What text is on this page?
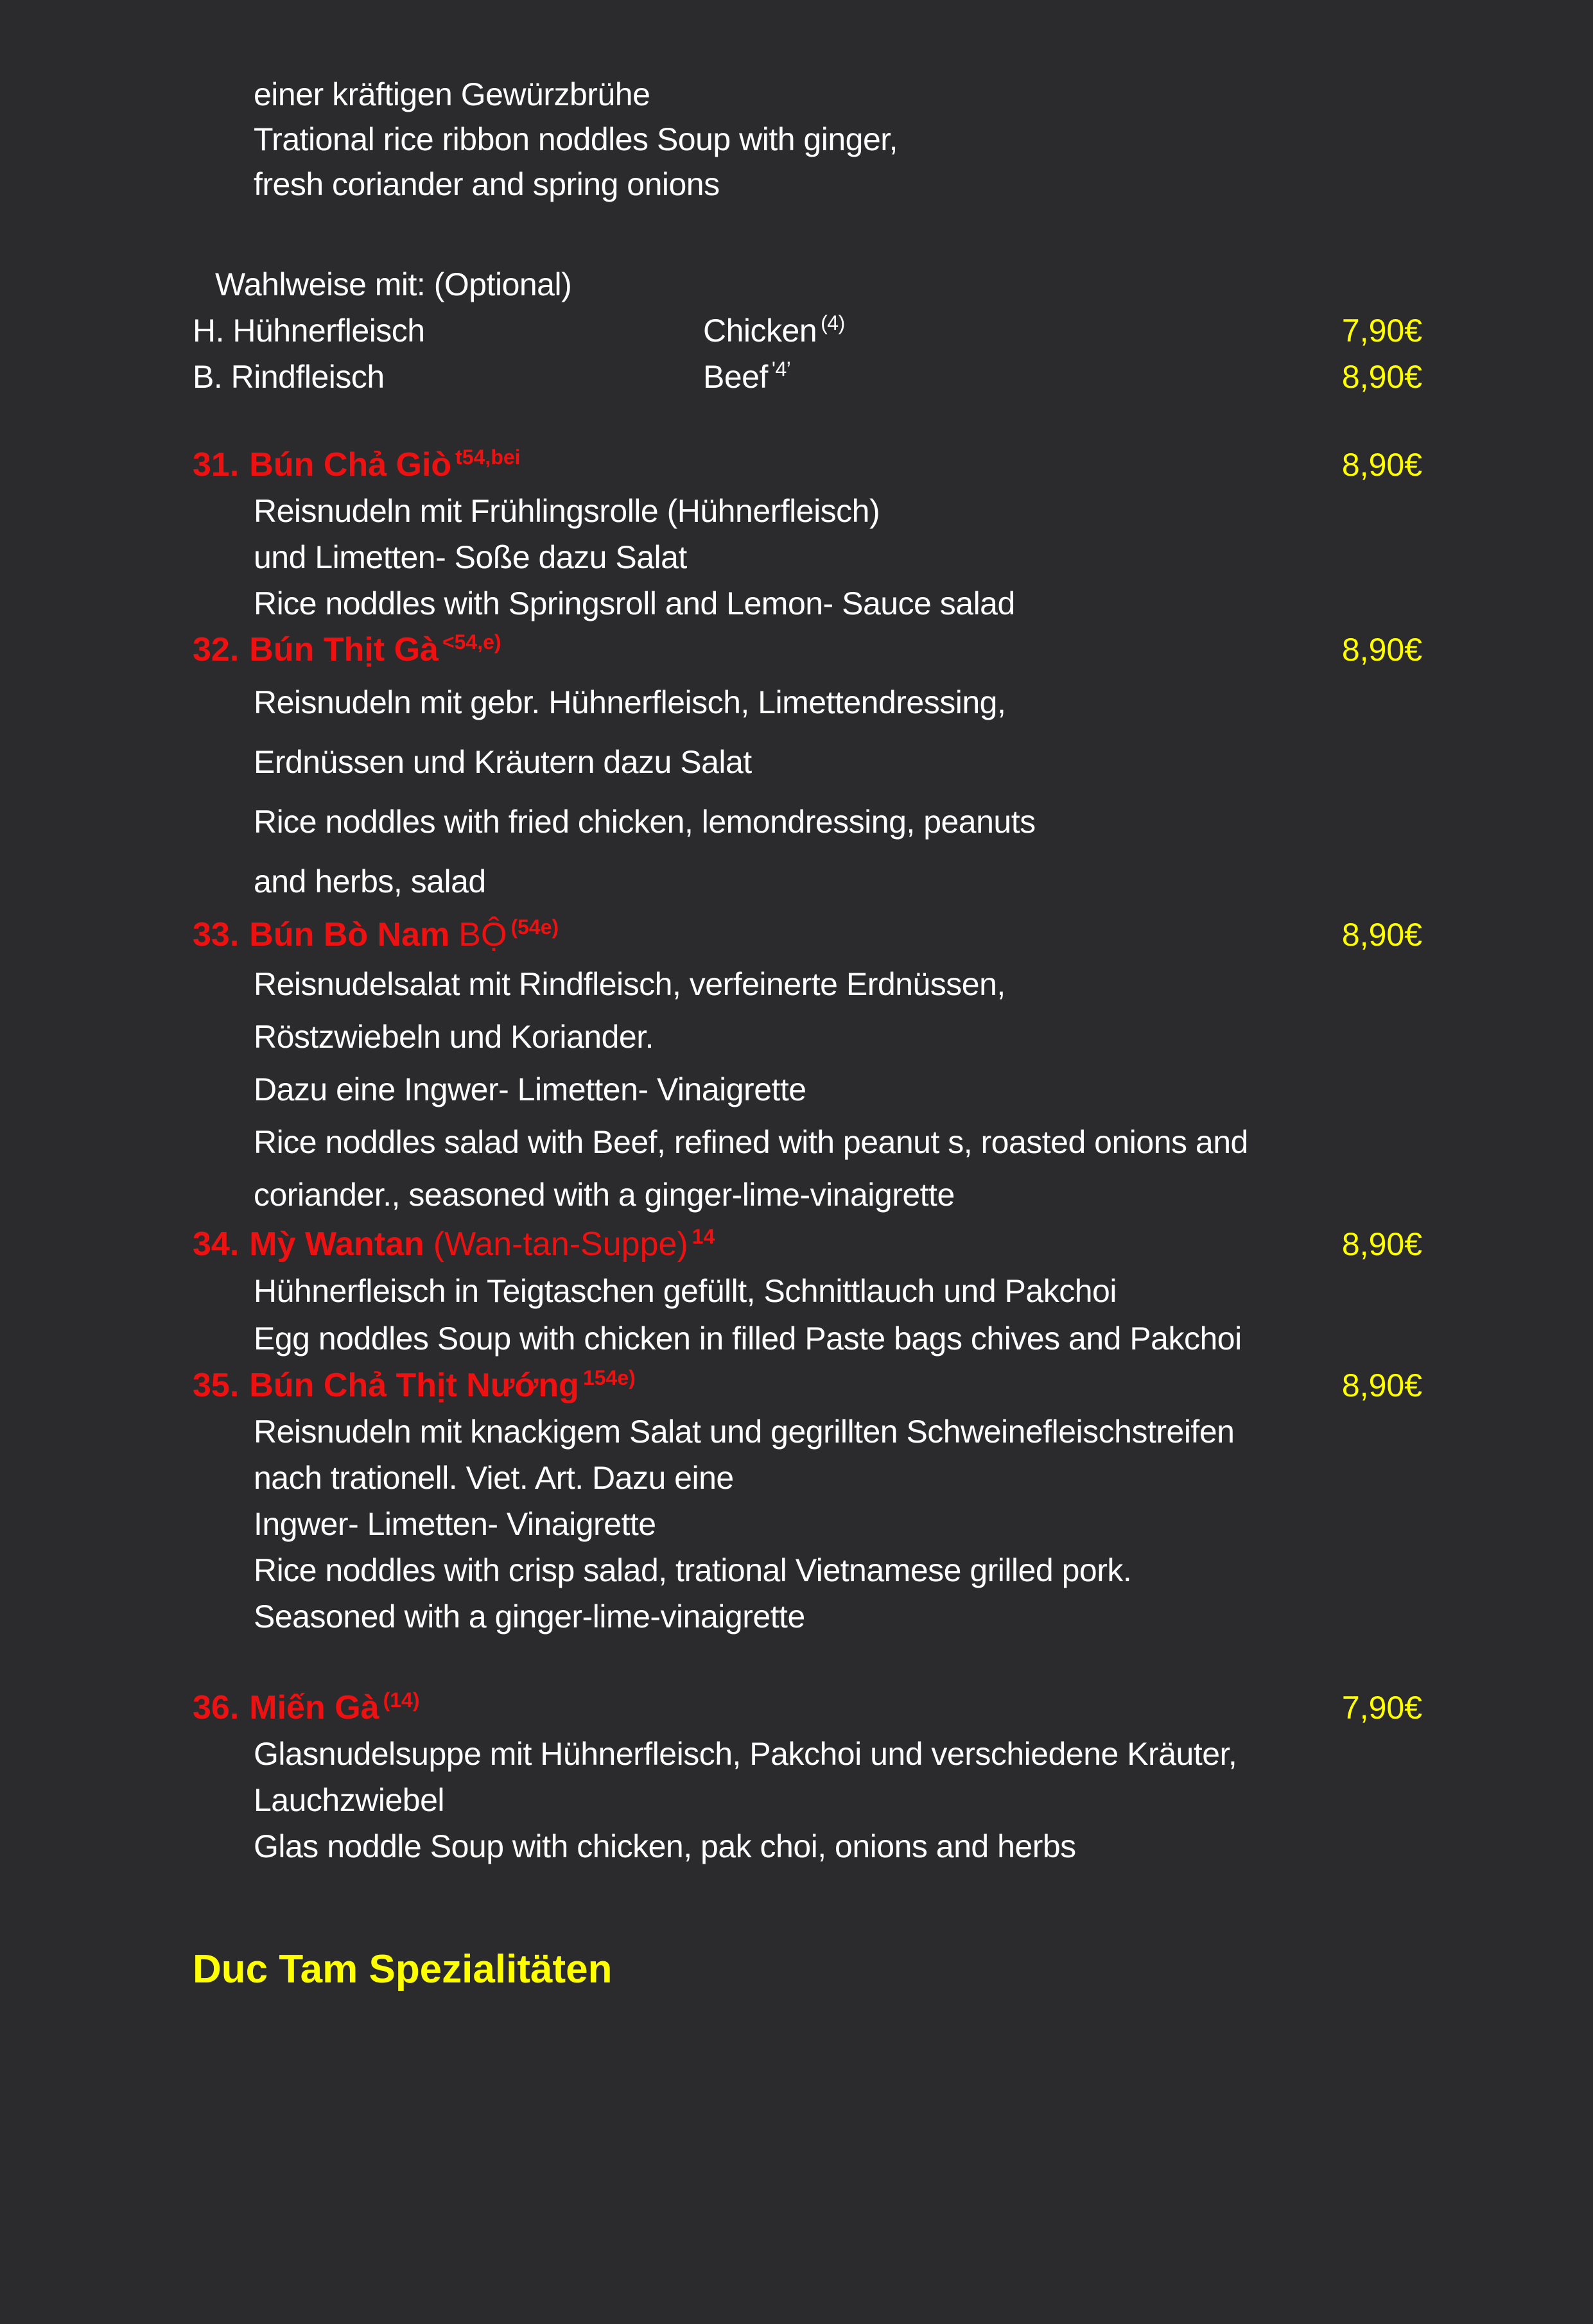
einer kräftigen Gewürzbrühe
Trational rice ribbon noddles Soup with ginger,
fresh coriander and spring onions
Wahlweise mit: (Optional)
H. Hühnerfleisch	Chicken $^{(4)}$	7,90€
B. Rindfleisch	Beef $^{'4’}$	8,90€
31. Bún Chả Giò $^{t54,bei}$	8,90€
Reisnudeln mit Frühlingsrolle (Hühnerfleisch)
und Limetten- Soße dazu Salat
Rice noddles with Springsroll and Lemon- Sauce salad
32. Bún Thịt Gà $^{<54,e)}$	8,90€
Reisnudeln mit gebr. Hühnerfleisch, Limettendressing,
Erdnüssen und Kräutern dazu Salat
Rice noddles with fried chicken, lemondressing, peanuts
and herbs, salad
33. Bún Bò Nam BỘ $^{(54e)}$	8,90€
Reisnudelsalat mit Rindfleisch, verfeinerte Erdnüssen,
Röstzwiebeln und Koriander.
Dazu eine Ingwer- Limetten- Vinaigrette
Rice noddles salad with Beef, refined with peanut s, roasted onions and
coriander., seasoned with a ginger-lime-vinaigrette
34. Mỳ Wantan (Wan-tan-Suppe) $^{14}$	8,90€
Hühnerfleisch in Teigtaschen gefüllt, Schnittlauch und Pakchoi
Egg noddles Soup with chicken in filled Paste bags chives and Pakchoi
35. Bún Chả Thịt Nướng $^{154e)}$	8,90€
Reisnudeln mit knackigem Salat und gegrillten Schweinefleischstreifen
nach trationell. Viet. Art. Dazu eine
Ingwer- Limetten- Vinaigrette
Rice noddles with crisp salad, trational Vietnamese grilled pork.
Seasoned with a ginger-lime-vinaigrette
36. Miến Gà $^{(14)}$	7,90€
Glasnudelsuppe mit Hühnerfleisch, Pakchoi und verschiedene Kräuter,
Lauchzwiebel
Glas noddle Soup with chicken, pak choi, onions and herbs
Duc Tam Spezialitäten
